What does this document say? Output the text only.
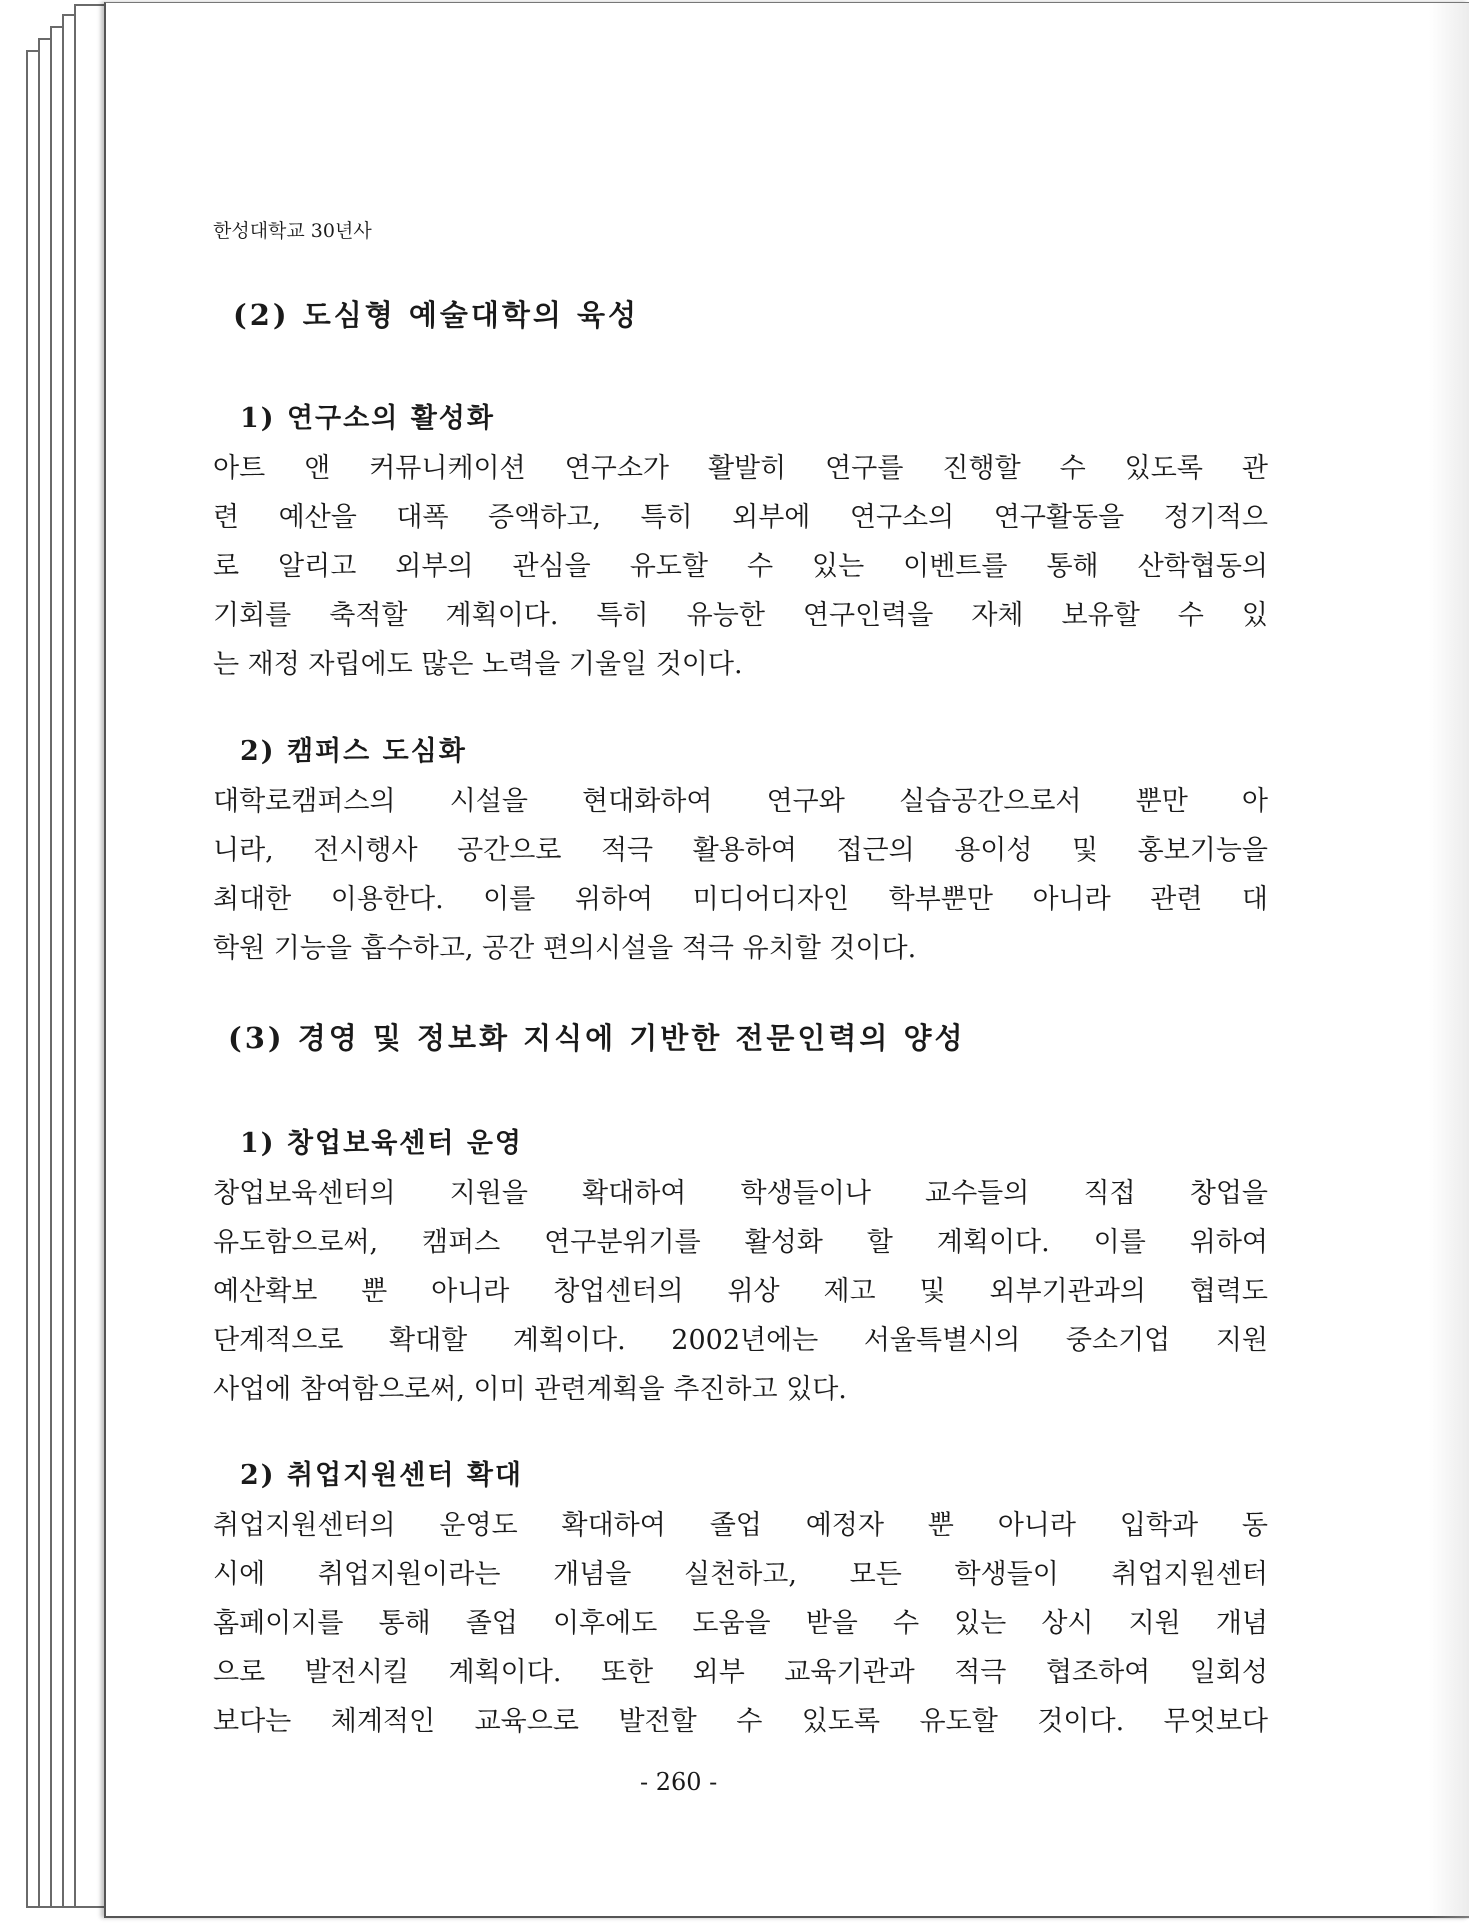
한성대학교 30년사

(2) 도심형 예술대학의 육성
1) 연구소의 활성화
아트 앤 커뮤니케이션 연구소가 활발히 연구를 진행할 수 있도록 관
련 예산을 대폭 증액하고, 특히 외부에 연구소의 연구활동을 정기적으
로 알리고 외부의 관심을 유도할 수 있는 이벤트를 통해 산학협동의
기회를 축적할 계획이다. 특히 유능한 연구인력을 자체 보유할 수 있
는 재정 자립에도 많은 노력을 기울일 것이다.
2) 캠퍼스 도심화
대학로캠퍼스의 시설을 현대화하여 연구와 실습공간으로서 뿐만 아
니라, 전시행사 공간으로 적극 활용하여 접근의 용이성 및 홍보기능을
최대한 이용한다. 이를 위하여 미디어디자인 학부뿐만 아니라 관련 대
학원 기능을 흡수하고, 공간 편의시설을 적극 유치할 것이다.
(3) 경영 및 정보화 지식에 기반한 전문인력의 양성
1) 창업보육센터 운영
창업보육센터의 지원을 확대하여 학생들이나 교수들의 직접 창업을
유도함으로써, 캠퍼스 연구분위기를 활성화 할 계획이다. 이를 위하여
예산확보 뿐 아니라 창업센터의 위상 제고 및 외부기관과의 협력도
단계적으로 확대할 계획이다. 2002년에는 서울특별시의 중소기업 지원
사업에 참여함으로써, 이미 관련계획을 추진하고 있다.
2) 취업지원센터 확대
취업지원센터의 운영도 확대하여 졸업 예정자 뿐 아니라 입학과 동
시에 취업지원이라는 개념을 실천하고, 모든 학생들이 취업지원센터
홈페이지를 통해 졸업 이후에도 도움을 받을 수 있는 상시 지원 개념
으로 발전시킬 계획이다. 또한 외부 교육기관과 적극 협조하여 일회성
보다는 체계적인 교육으로 발전할 수 있도록 유도할 것이다. 무엇보다

- 260 -
